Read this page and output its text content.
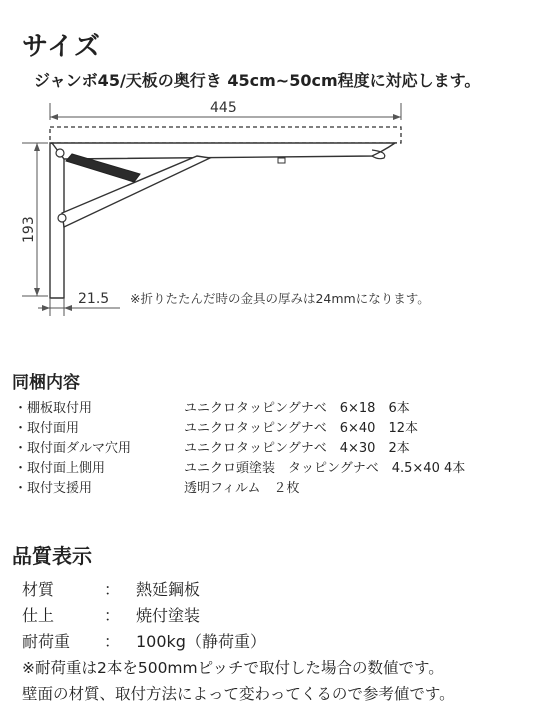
サイズ
ジャンボ45/天板の奥行き 45cm~50cm程度に対応します。
445
193
21.5 ※折りたたんだ時の金具の厚みは24mmになります。
同梱内容
・棚板取付用	ユニクロタッピングナベ　6×18　6本
・取付面用	ユニクロタッピングナベ　6×40　12本
・取付面ダルマ穴用	ユニクロタッピングナベ　4×30　2本
・取付面上側用	ユニクロ頭塗装　タッピングナベ　4.5×40 4本
・取付支援用	透明フィルム　２枚
品質表示
材質	： 熱延鋼板
仕上	： 焼付塗装
耐荷重 ： 100kg（静荷重）
※耐荷重は2本を500mmピッチで取付した場合の数値です。
壁面の材質、取付方法によって変わってくるので参考値です。
